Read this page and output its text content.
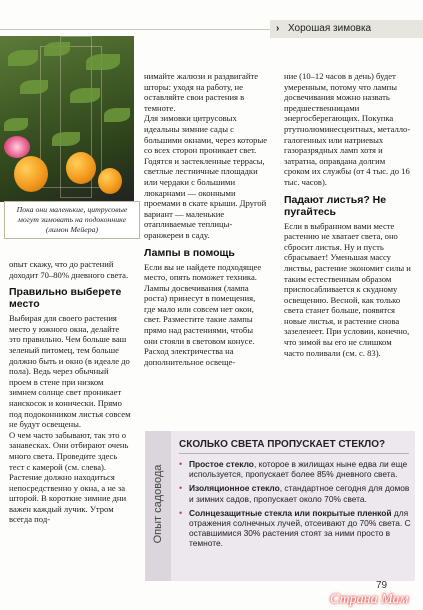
› Хорошая зимовка
Пока они маленькие, цитрусовые могут зимовать на подоконнике (лимон Мейера)

опыт скажу, что до растений доходит 70–80% дневного света.

Правильно выберете место

Выбирая для своего растения место у южного окна, делайте это правильно. Чем больше ваш зеленый питомец, тем больше должно быть и окно (в идеале до пола). Ведь через обычный проем в стене при низком зимнем солнце свет проникает наискосок и конически. Прямо под подоконником листья совсем не будут освещены.

О чем часто забывают, так это о занавесках. Они отбирают очень много света. Проведите здесь тест с камерой (см. слева). Растение должно находиться непосредственно у окна, а не за шторой. В короткие зимние дни важен каждый лучик. Утром всегда под-

нимайте жалюзи и раздвигайте шторы: уходя на работу, не оставляйте свои растения в темноте.

Для зимовки цитрусовых идеальны зимние сады с большими окнами, через которые со всех сторон проникает свет. Годятся и застекленные террасы, светлые лестничные площадки или чердаки с большими люкарнами — оконными проемами в скате крыши. Другой вариант — маленькие отапливаемые теплицы-оранжереи в саду.

Лампы в помощь

Если вы не найдете подходящее место, опять поможет техника. Лампы досвечивания (лампа роста) принесут в помещения, где мало или совсем нет окон, свет. Разместите такие лампы прямо над растениями, чтобы они стояли в световом конусе. Расход электричества на дополнительное освеще-

ние (10–12 часов в день) будет умеренным, потому что лампы досвечивания можно назвать предшественницами энергосберегающих. Покупка ртутнолюминесцентных, металло-галогенных или натриевых газоразрядных ламп хотя и затратна, оправдана долгим сроком их службы (от 4 тыс. до 16 тыс. часов).

Падают листья? Не пугайтесь

Если в выбранном вами месте растению не хватает света, оно сбросит листья. Ну и пусть сбрасывает! Уменьшая массу листвы, растение экономит силы и таким естественным образом приспосабливается к скудному освещению. Весной, как только света станет больше, появятся новые листья, и растение снова зазеленеет. При условии, конечно, что зимой вы его не слишком часто поливали (см. с. 83).

Опыт садовода
СКОЛЬКО СВЕТА ПРОПУСКАЕТ СТЕКЛО?
• Простое стекло, которое в жилищах ныне едва ли еще используется, пропускает более 85% дневного света.
• Изоляционное стекло, стандартное сегодня для домов и зимних садов, пропускает около 70% света.
• Солнцезащитные стекла или покрытые пленкой для отражения солнечных лучей, отсеивают до 70% света. С оставшимися 30% растения стоят за ними просто в темноте.
79
Страна Мам
